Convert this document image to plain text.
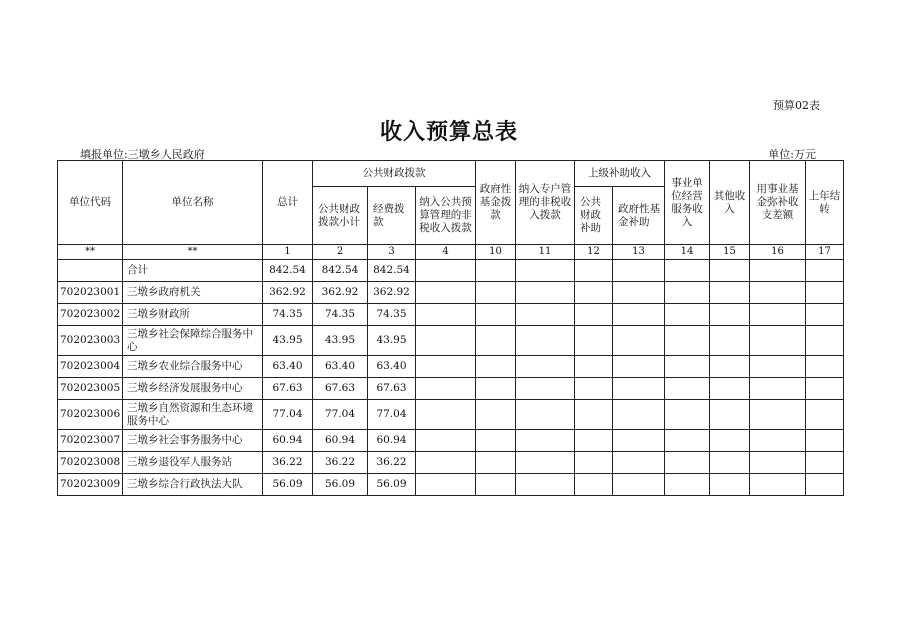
预算02表
收入预算总表
填报单位:三墩乡人民政府	单位:万元
单位代码	单位名称	总计	公共财政拨款			政府性基金拨款	纳入专户管理的非税收入拨款	上级补助收入		事业单位经营服务收入	其他收入	用事业基金弥补收支差额	上年结转
			公共财政拨款小计	经费拨款	纳入公共预算管理的非税收入拨款			公共财政补助	政府性基金补助				
**	**	1	2	3	4	10	11	12	13	14	15	16	17
	合计	842.54	842.54	842.54									
702023001	三墩乡政府机关	362.92	362.92	362.92									
702023002	三墩乡财政所	74.35	74.35	74.35									
702023003	三墩乡社会保障综合服务中心	43.95	43.95	43.95									
702023004	三墩乡农业综合服务中心	63.40	63.40	63.40									
702023005	三墩乡经济发展服务中心	67.63	67.63	67.63									
702023006	三墩乡自然资源和生态环境服务中心	77.04	77.04	77.04									
702023007	三墩乡社会事务服务中心	60.94	60.94	60.94									
702023008	三墩乡退役军人服务站	36.22	36.22	36.22									
702023009	三墩乡综合行政执法大队	56.09	56.09	56.09									
